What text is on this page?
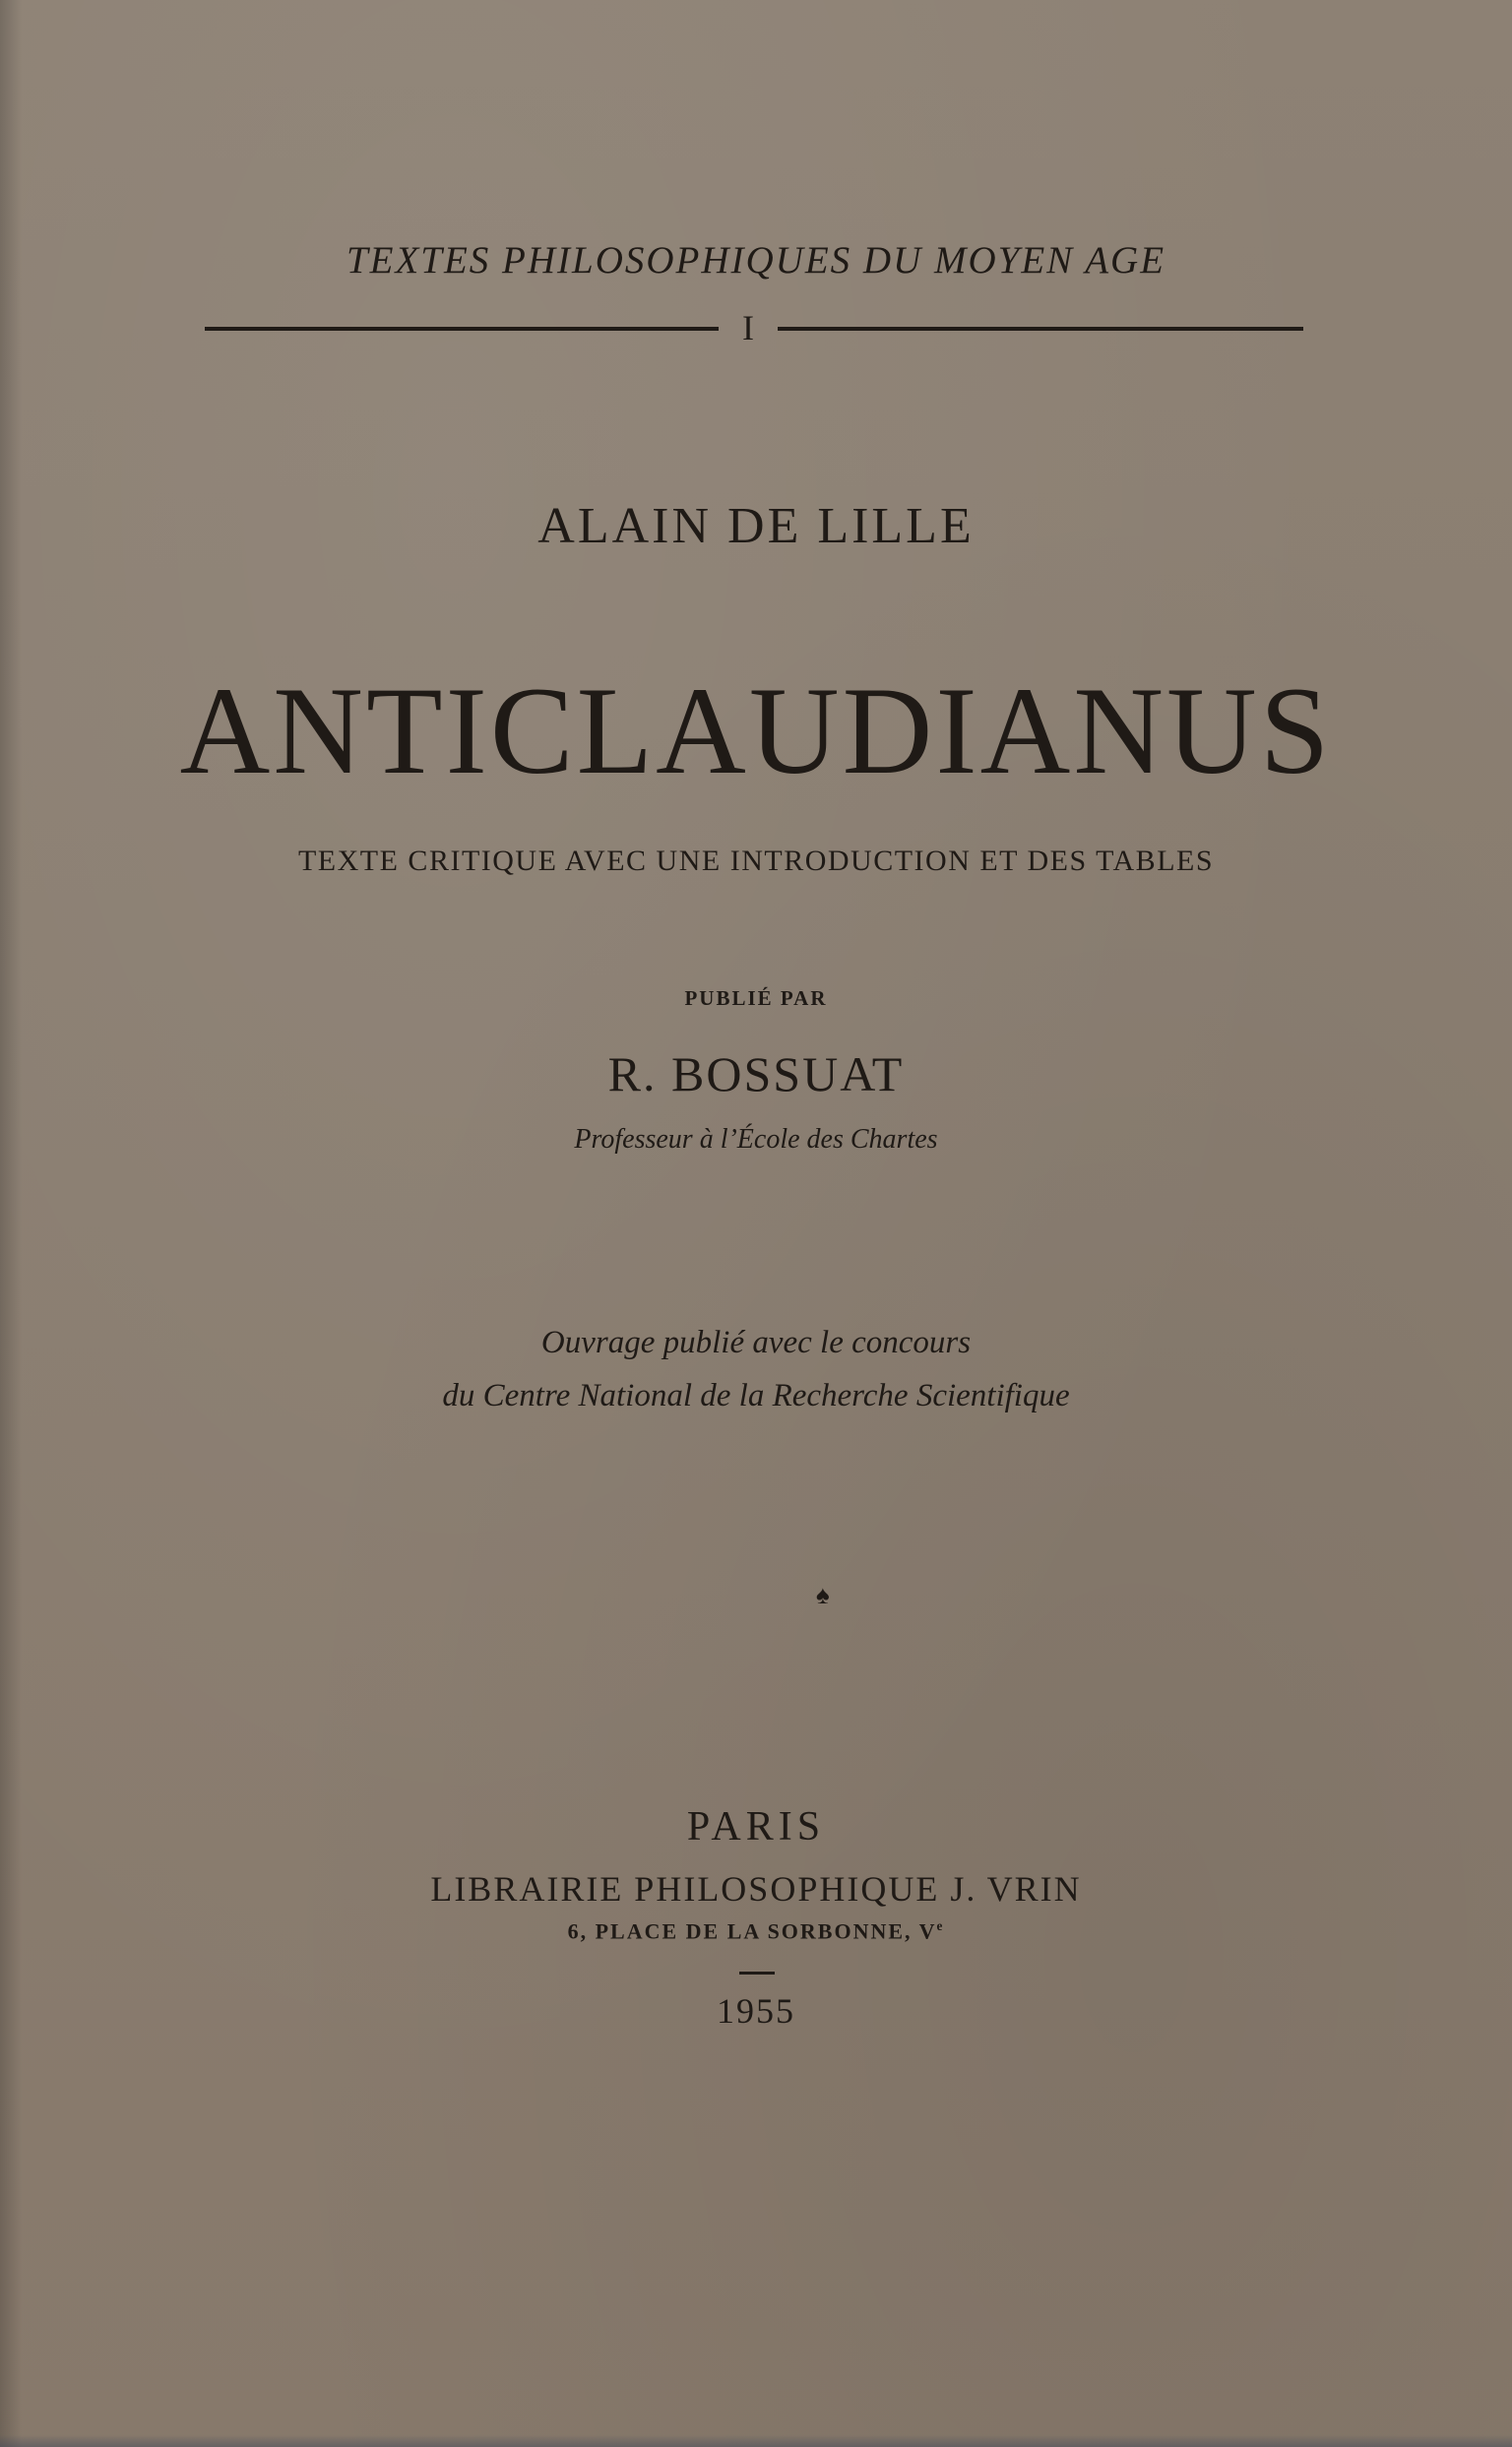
TEXTES PHILOSOPHIQUES DU MOYEN AGE
I
ALAIN DE LILLE
ANTICLAUDIANUS
TEXTE CRITIQUE AVEC UNE INTRODUCTION ET DES TABLES
PUBLIÉ PAR
R. BOSSUAT
Professeur à l’École des Chartes
Ouvrage publié avec le concours
du Centre National de la Recherche Scientifique
♠
PARIS
LIBRAIRIE PHILOSOPHIQUE J. VRIN
6, PLACE DE LA SORBONNE, Ve
1955
